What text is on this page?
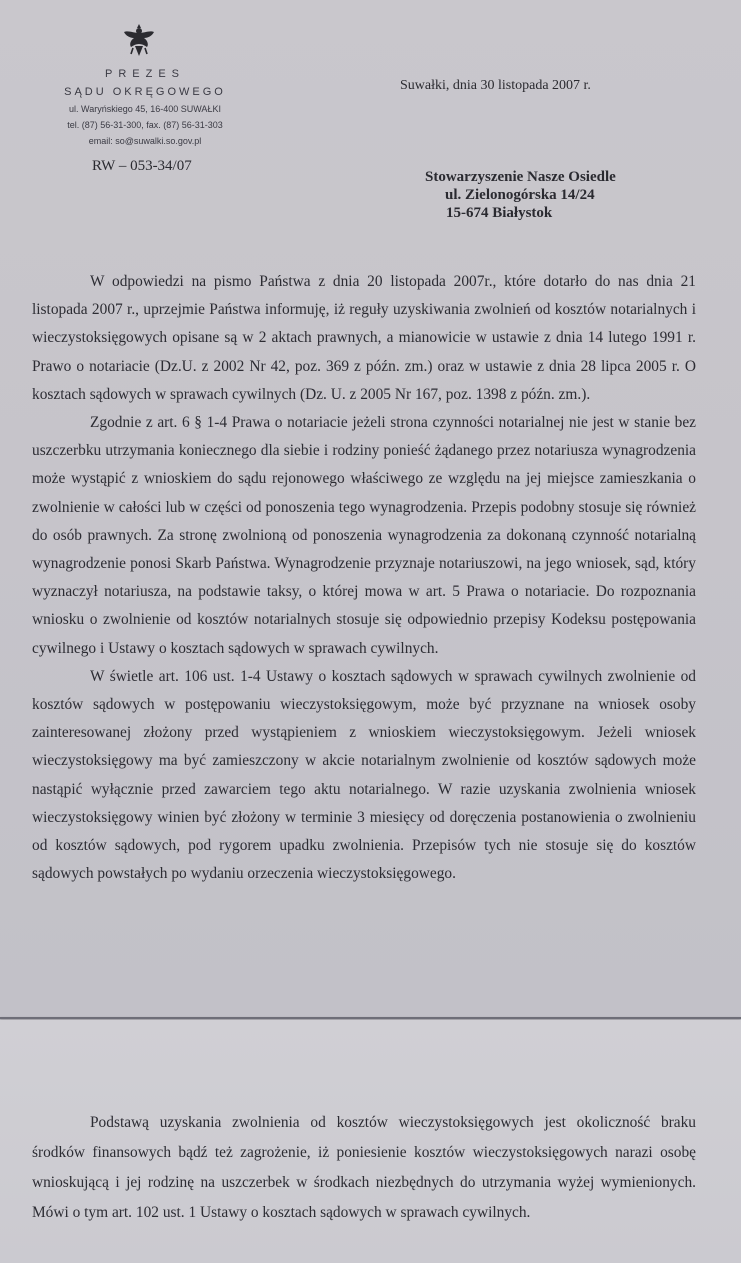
PREZES
SĄDU OKRĘGOWEGO
ul. Waryńskiego 45, 16-400 SUWAŁKI
tel. (87) 56-31-300, fax. (87) 56-31-303
email: so@suwalki.so.gov.pl
RW – 053-34/07
Suwałki, dnia 30 listopada 2007 r.
Stowarzyszenie Nasze Osiedle
ul. Zielonogórska 14/24
15-674 Białystok

W odpowiedzi na pismo Państwa z dnia 20 listopada 2007r., które dotarło do nas dnia 21 listopada 2007 r., uprzejmie Państwa informuję, iż reguły uzyskiwania zwolnień od kosztów notarialnych i wieczystoksięgowych opisane są w 2 aktach prawnych, a mianowicie w ustawie z dnia 14 lutego 1991 r. Prawo o notariacie (Dz.U. z 2002 Nr 42, poz. 369 z późn. zm.) oraz w ustawie z dnia 28 lipca 2005 r. O kosztach sądowych w sprawach cywilnych (Dz. U. z 2005 Nr 167, poz. 1398 z późn. zm.).

Zgodnie z art. 6 § 1-4 Prawa o notariacie jeżeli strona czynności notarialnej nie jest w stanie bez uszczerbku utrzymania koniecznego dla siebie i rodziny ponieść żądanego przez notariusza wynagrodzenia może wystąpić z wnioskiem do sądu rejonowego właściwego ze względu na jej miejsce zamieszkania o zwolnienie w całości lub w części od ponoszenia tego wynagrodzenia. Przepis podobny stosuje się również do osób prawnych. Za stronę zwolnioną od ponoszenia wynagrodzenia za dokonaną czynność notarialną wynagrodzenie ponosi Skarb Państwa. Wynagrodzenie przyznaje notariuszowi, na jego wniosek, sąd, który wyznaczył notariusza, na podstawie taksy, o której mowa w art. 5 Prawa o notariacie. Do rozpoznania wniosku o zwolnienie od kosztów notarialnych stosuje się odpowiednio przepisy Kodeksu postępowania cywilnego i Ustawy o kosztach sądowych w sprawach cywilnych.

W świetle art. 106 ust. 1-4 Ustawy o kosztach sądowych w sprawach cywilnych zwolnienie od kosztów sądowych w postępowaniu wieczystoksięgowym, może być przyznane na wniosek osoby zainteresowanej złożony przed wystąpieniem z wnioskiem wieczystoksięgowym. Jeżeli wniosek wieczystoksięgowy ma być zamieszczony w akcie notarialnym zwolnienie od kosztów sądowych może nastąpić wyłącznie przed zawarciem tego aktu notarialnego. W razie uzyskania zwolnienia wniosek wieczystoksięgowy winien być złożony w terminie 3 miesięcy od doręczenia postanowienia o zwolnieniu od kosztów sądowych, pod rygorem upadku zwolnienia. Przepisów tych nie stosuje się do kosztów sądowych powstałych po wydaniu orzeczenia wieczystoksięgowego.

Podstawą uzyskania zwolnienia od kosztów wieczystoksięgowych jest okoliczność braku środków finansowych bądź też zagrożenie, iż poniesienie kosztów wieczystoksięgowych narazi osobę wnioskującą i jej rodzinę na uszczerbek w środkach niezbędnych do utrzymania wyżej wymienionych. Mówi o tym art. 102 ust. 1 Ustawy o kosztach sądowych w sprawach cywilnych.
